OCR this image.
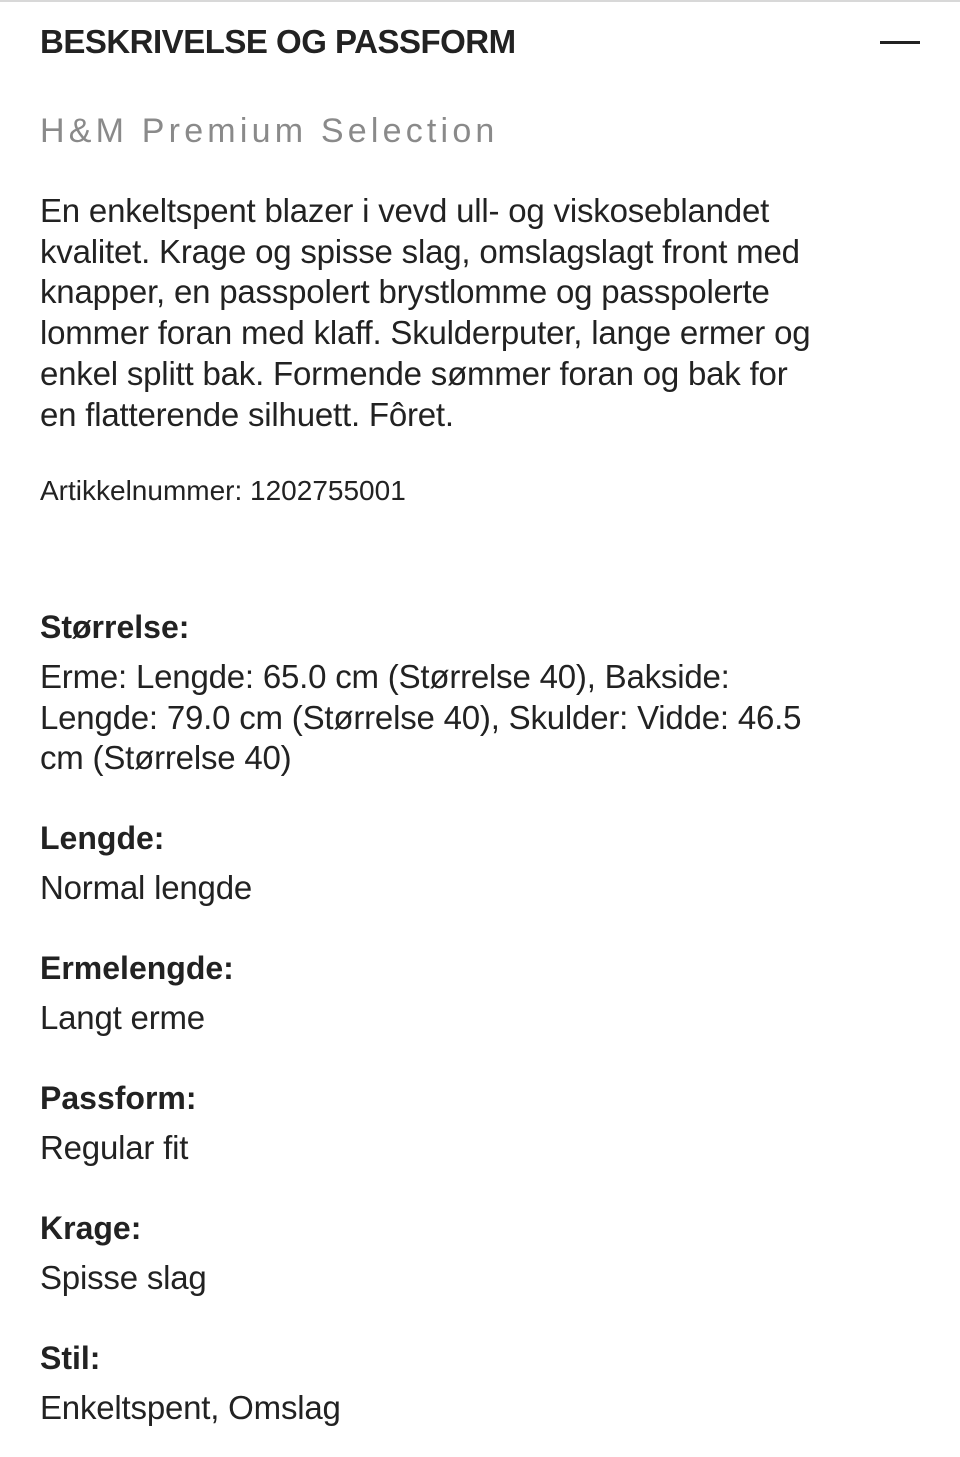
BESKRIVELSE OG PASSFORM
H&M Premium Selection

En enkeltspent blazer i vevd ull- og viskoseblandet

kvalitet. Krage og spisse slag, omslagslagt front med

knapper, en passpolert brystlomme og passpolerte

lommer foran med klaff. Skulderputer, lange ermer og

enkel splitt bak. Formende sømmer foran og bak for

en flatterende silhuett. Fôret.

Artikkelnummer: 1202755001
Størrelse:

Erme: Lengde: 65.0 cm (Størrelse 40), Bakside:

Lengde: 79.0 cm (Størrelse 40), Skulder: Vidde: 46.5

cm (Størrelse 40)

Lengde:
Normal lengde
Ermelengde:
Langt erme
Passform:
Regular fit
Krage:
Spisse slag
Stil:
Enkeltspent, Omslag
